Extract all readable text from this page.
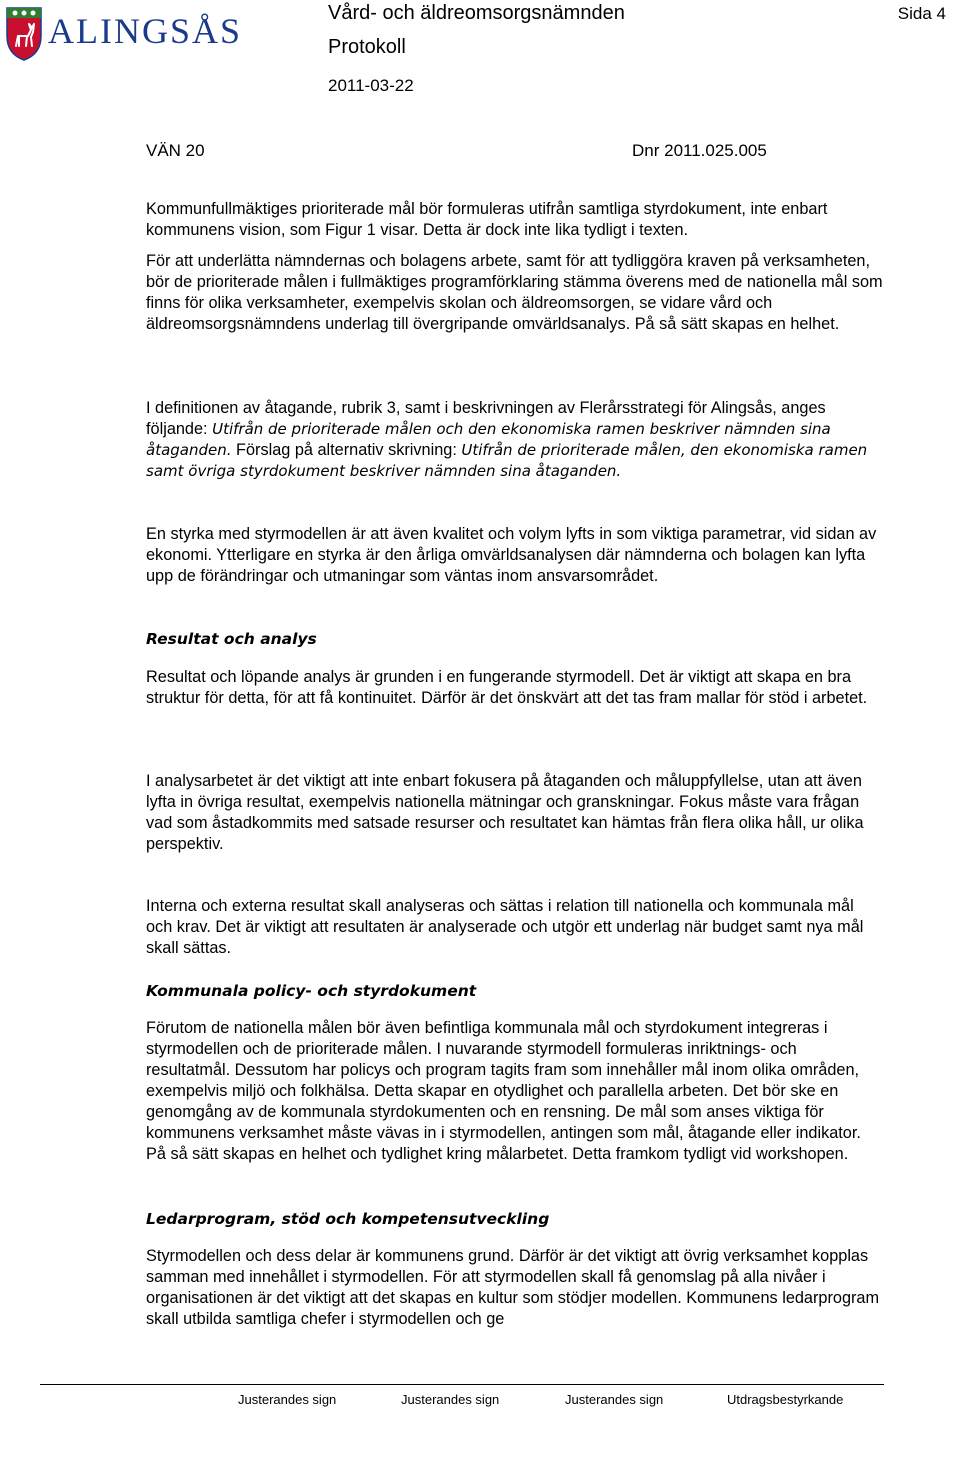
ALINGSÅS	Vård- och äldreomsorgsnämnden
Protokoll
2011-03-22
Sida 4
VÄN 20	Dnr 2011.025.005

Kommunfullmäktiges prioriterade mål bör formuleras utifrån samtliga styrdokument, inte enbart kommunens vision, som Figur 1 visar. Detta är dock inte lika tydligt i texten.

För att underlätta nämndernas och bolagens arbete, samt för att tydliggöra kraven på verksamheten, bör de prioriterade målen i fullmäktiges programförklaring stämma överens med de nationella mål som finns för olika verksamheter, exempelvis skolan och äldreomsorgen, se vidare vård och äldreomsorgsnämndens underlag till övergripande omvärldsanalys. På så sätt skapas en helhet.

I definitionen av åtagande, rubrik 3, samt i beskrivningen av Flerårsstrategi för Alingsås, anges följande: Utifrån de prioriterade målen och den ekonomiska ramen beskriver nämnden sina åtaganden. Förslag på alternativ skrivning: Utifrån de prioriterade målen, den ekonomiska ramen samt övriga styrdokument beskriver nämnden sina åtaganden.

En styrka med styrmodellen är att även kvalitet och volym lyfts in som viktiga parametrar, vid sidan av ekonomi. Ytterligare en styrka är den årliga omvärldsanalysen där nämnderna och bolagen kan lyfta upp de förändringar och utmaningar som väntas inom ansvarsområdet.

Resultat och analys

Resultat och löpande analys är grunden i en fungerande styrmodell. Det är viktigt att skapa en bra struktur för detta, för att få kontinuitet. Därför är det önskvärt att det tas fram mallar för stöd i arbetet.

I analysarbetet är det viktigt att inte enbart fokusera på åtaganden och måluppfyllelse, utan att även lyfta in övriga resultat, exempelvis nationella mätningar och granskningar. Fokus måste vara frågan vad som åstadkommits med satsade resurser och resultatet kan hämtas från flera olika håll, ur olika perspektiv.

Interna och externa resultat skall analyseras och sättas i relation till nationella och kommunala mål och krav. Det är viktigt att resultaten är analyserade och utgör ett underlag när budget samt nya mål skall sättas.

Kommunala policy- och styrdokument

Förutom de nationella målen bör även befintliga kommunala mål och styrdokument integreras i styrmodellen och de prioriterade målen. I nuvarande styrmodell formuleras inriktnings- och resultatmål. Dessutom har policys och program tagits fram som innehåller mål inom olika områden, exempelvis miljö och folkhälsa. Detta skapar en otydlighet och parallella arbeten. Det bör ske en genomgång av de kommunala styrdokumenten och en rensning. De mål som anses viktiga för kommunens verksamhet måste vävas in i styrmodellen, antingen som mål, åtagande eller indikator. På så sätt skapas en helhet och tydlighet kring målarbetet. Detta framkom tydligt vid workshopen.

Ledarprogram, stöd och kompetensutveckling

Styrmodellen och dess delar är kommunens grund. Därför är det viktigt att övrig verksamhet kopplas samman med innehållet i styrmodellen. För att styrmodellen skall få genomslag på alla nivåer i organisationen är det viktigt att det skapas en kultur som stödjer modellen. Kommunens ledarprogram skall utbilda samtliga chefer i styrmodellen och ge

Justerandes sign	Justerandes sign	Justerandes sign	Utdragsbestyrkande
